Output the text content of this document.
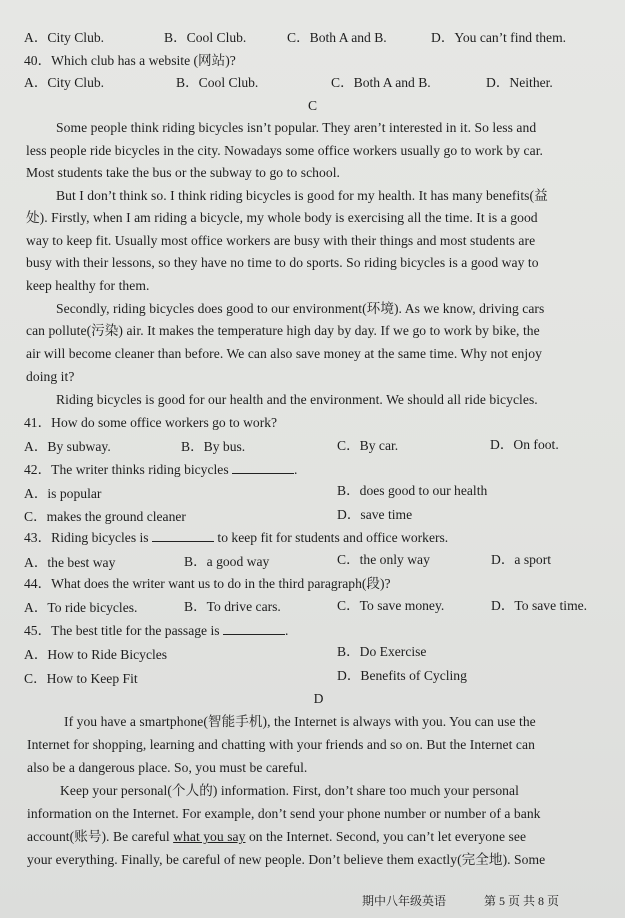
A．City Club.	B．Cool Club.	C．Both A and B.	D．You can’t find them.
40．Which club has a website (网站)?
A．City Club.	B．Cool Club.	C．Both A and B.	D．Neither.
C
Some people think riding bicycles isn’t popular. They aren’t interested in it. So less and
less people ride bicycles in the city. Nowadays some office workers usually go to work by car.
Most students take the bus or the subway to go to school.
But I don’t think so. I think riding bicycles is good for my health. It has many benefits(益
处). Firstly, when I am riding a bicycle, my whole body is exercising all the time. It is a good
way to keep fit. Usually most office workers are busy with their things and most students are
busy with their lessons, so they have no time to do sports. So riding bicycles is a good way to
keep healthy for them.
Secondly, riding bicycles does good to our environment(环境). As we know, driving cars
can pollute(污染) air. It makes the temperature high day by day. If we go to work by bike, the
air will become cleaner than before. We can also save money at the same time. Why not enjoy
doing it?
Riding bicycles is good for our health and the environment. We should all ride bicycles.
41．How do some office workers go to work?
A．By subway.	B．By bus.	C．By car.	D．On foot.
42．The writer thinks riding bicycles	.
A．is popular	B．does good to our health
C．makes the ground cleaner	D．save time
43．Riding bicycles is	to keep fit for students and office workers.
A．the best way	B．a good way	C．the only way	D．a sport
44．What does the writer want us to do in the third paragraph(段)?
A．To ride bicycles.	B．To drive cars.	C．To save money.	D．To save time.
45．The best title for the passage is	.
A．How to Ride Bicycles	B．Do Exercise
C．How to Keep Fit	D．Benefits of Cycling
D
If you have a smartphone(智能手机), the Internet is always with you. You can use the
Internet for shopping, learning and chatting with your friends and so on. But the Internet can
also be a dangerous place. So, you must be careful.
Keep your personal(个人的) information. First, don’t share too much your personal
information on the Internet. For example, don’t send your phone number or number of a bank
account(账号). Be careful what you say on the Internet. Second, you can’t let everyone see
your everything. Finally, be careful of new people. Don’t believe them exactly(完全地). Some
期中八年级英语	第 5 页 共 8 页
